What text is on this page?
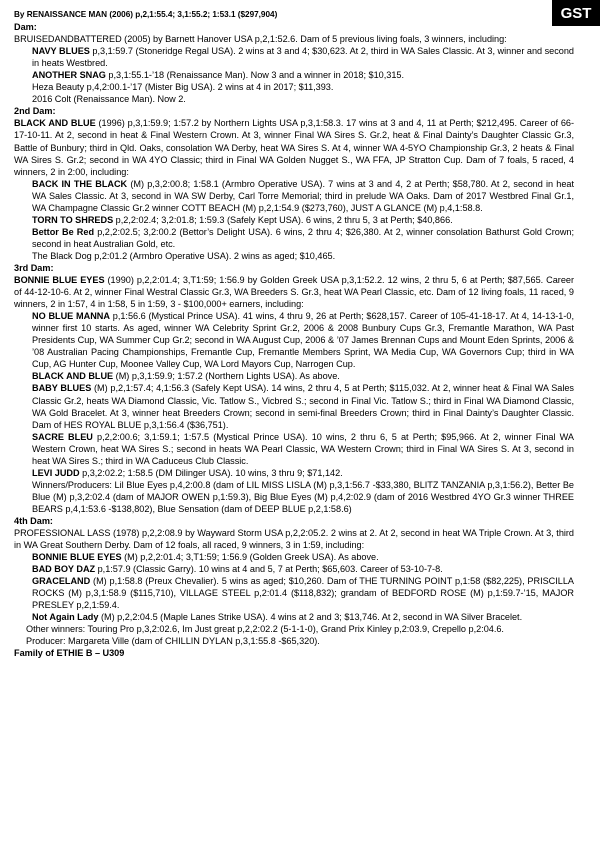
GST
By RENAISSANCE MAN (2006) p,2,1:55.4; 3,1:55.2; 1:53.1 ($297,904)
Dam:
BRUISEDANDBATTERED (2005) by Barnett Hanover USA p,2,1:52.6. Dam of 5 previous living foals, 3 winners, including:
NAVY BLUES p,3,1:59.7 (Stoneridge Regal USA). 2 wins at 3 and 4; $30,623. At 2, third in WA Sales Classic. At 3, winner and second in heats Westbred.
ANOTHER SNAG p,3,1:55.1-’18 (Renaissance Man). Now 3 and a winner in 2018; $10,315.
Heza Beauty p,4,2:00.1-’17 (Mister Big USA). 2 wins at 4 in 2017; $11,393.
2016 Colt (Renaissance Man). Now 2.
2nd Dam:
BLACK AND BLUE (1996) p,3,1:59.9; 1:57.2 by Northern Lights USA p,3,1:58.3. 17 wins at 3 and 4, 11 at Perth; $212,495. Career of 66-17-10-11. At 2, second in heat & Final Western Crown. At 3, winner Final WA Sires S. Gr.2, heat & Final Dainty’s Daughter Classic Gr.3, Battle of Bunbury; third in Qld. Oaks, consolation WA Derby, heat WA Sires S. At 4, winner WA 4-5YO Championship Gr.3, 2 heats & Final WA Sires S. Gr.2; second in WA 4YO Classic; third in Final WA Golden Nugget S., WA FFA, JP Stratton Cup. Dam of 7 foals, 5 raced, 4 winners, 2 in 2:00, including:
BACK IN THE BLACK (M) p,3,2:00.8; 1:58.1 (Armbro Operative USA). 7 wins at 3 and 4, 2 at Perth; $58,780. At 2, second in heat WA Sales Classic. At 3, second in WA SW Derby, Carl Torre Memorial; third in prelude WA Oaks. Dam of 2017 Westbred Final Gr.1, WA Champagne Classic Gr.2 winner COTT BEACH (M) p,2,1:54.9 ($273,760), JUST A GLANCE (M) p,4,1:58.8.
TORN TO SHREDS p,2,2:02.4; 3,2:01.8; 1:59.3 (Safely Kept USA). 6 wins, 2 thru 5, 3 at Perth; $40,866.
Bettor Be Red p,2,2:02.5; 3,2:00.2 (Bettor’s Delight USA). 6 wins, 2 thru 4; $26,380. At 2, winner consolation Bathurst Gold Crown; second in heat Australian Gold, etc.
The Black Dog p,2:01.2 (Armbro Operative USA). 2 wins as aged; $10,465.
3rd Dam:
BONNIE BLUE EYES (1990) p,2,2:01.4; 3,T1:59; 1:56.9 by Golden Greek USA p,3,1:52.2. 12 wins, 2 thru 5, 6 at Perth; $87,565. Career of 44-12-10-6. At 2, winner Final Westral Classic Gr.3, WA Breeders S. Gr.3, heat WA Pearl Classic, etc. Dam of 12 living foals, 11 raced, 9 winners, 2 in 1:57, 4 in 1:58, 5 in 1:59, 3 - $100,000+ earners, including:
NO BLUE MANNA p,1:56.6 (Mystical Prince USA). 41 wins, 4 thru 9, 26 at Perth; $628,157. Career of 105-41-18-17. At 4, 14-13-1-0, winner first 10 starts. As aged, winner WA Celebrity Sprint Gr.2, 2006 & 2008 Bunbury Cups Gr.3, Fremantle Marathon, WA Past Presidents Cup, WA Summer Cup Gr.2; second in WA August Cup, 2006 & ’07 James Brennan Cups and Mount Eden Sprints, 2006 & ’08 Australian Pacing Championships, Fremantle Cup, Fremantle Members Sprint, WA Media Cup, WA Governors Cup; third in WA Cup, AG Hunter Cup, Moonee Valley Cup, WA Lord Mayors Cup, Narrogen Cup.
BLACK AND BLUE (M) p,3,1:59.9; 1:57.2 (Northern Lights USA). As above.
BABY BLUES (M) p,2,1:57.4; 4,1:56.3 (Safely Kept USA). 14 wins, 2 thru 4, 5 at Perth; $115,032. At 2, winner heat & Final WA Sales Classic Gr.2, heats WA Diamond Classic, Vic. Tatlow S., Vicbred S.; second in Final Vic. Tatlow S.; third in Final WA Diamond Classic, WA Gold Bracelet. At 3, winner heat Breeders Crown; second in semi-final Breeders Crown; third in Final Dainty’s Daughter Classic. Dam of HES ROYAL BLUE p,3,1:56.4 ($36,751).
SACRE BLEU p,2,2:00.6; 3,1:59.1; 1:57.5 (Mystical Prince USA). 10 wins, 2 thru 6, 5 at Perth; $95,966. At 2, winner Final WA Western Crown, heat WA Sires S.; second in heats WA Pearl Classic, WA Western Crown; third in Final WA Sires S. At 3, second in heat WA Sires S.; third in WA Caduceus Club Classic.
LEVI JUDD p,3,2:02.2; 1:58.5 (DM Dilinger USA). 10 wins, 3 thru 9; $71,142.
Winners/Producers: Lil Blue Eyes p,4,2:00.8 (dam of LIL MISS LISLA (M) p,3,1:56.7 -$33,380, BLITZ TANZANIA p,3,1:56.2), Better Be Blue (M) p,3,2:02.4 (dam of MAJOR OWEN p,1:59.3), Big Blue Eyes (M) p,4,2:02.9 (dam of 2016 Westbred 4YO Gr.3 winner THREE BEARS p,4,1:53.6 -$138,802), Blue Sensation (dam of DEEP BLUE p,2,1:58.6)
4th Dam:
PROFESSIONAL LASS (1978) p,2,2:08.9 by Wayward Storm USA p,2,2:05.2. 2 wins at 2. At 2, second in heat WA Triple Crown. At 3, third in WA Great Southern Derby. Dam of 12 foals, all raced, 9 winners, 3 in 1:59, including:
BONNIE BLUE EYES (M) p,2,2:01.4; 3,T1:59; 1:56.9 (Golden Greek USA). As above.
BAD BOY DAZ p,1:57.9 (Classic Garry). 10 wins at 4 and 5, 7 at Perth; $65,603. Career of 53-10-7-8.
GRACELAND (M) p,1:58.8 (Preux Chevalier). 5 wins as aged; $10,260. Dam of THE TURNING POINT p,1:58 ($82,225), PRISCILLA ROCKS (M) p,3,1:58.9 ($115,710), VILLAGE STEEL p,2:01.4 ($118,832); grandam of BEDFORD ROSE (M) p,1:59.7-’15, MAJOR PRESLEY p,2,1:59.4.
Not Again Lady (M) p,2,2:04.5 (Maple Lanes Strike USA). 4 wins at 2 and 3; $13,746. At 2, second in WA Silver Bracelet.
Other winners: Touring Pro p,3,2:02.6, Im Just great p,2,2:02.2 (5-1-1-0), Grand Prix Kinley p,2:03.9, Crepello p,2:04.6.
Producer: Margareta Ville (dam of CHILLIN DYLAN p,3,1:55.8 -$65,320).
Family of ETHIE B – U309
